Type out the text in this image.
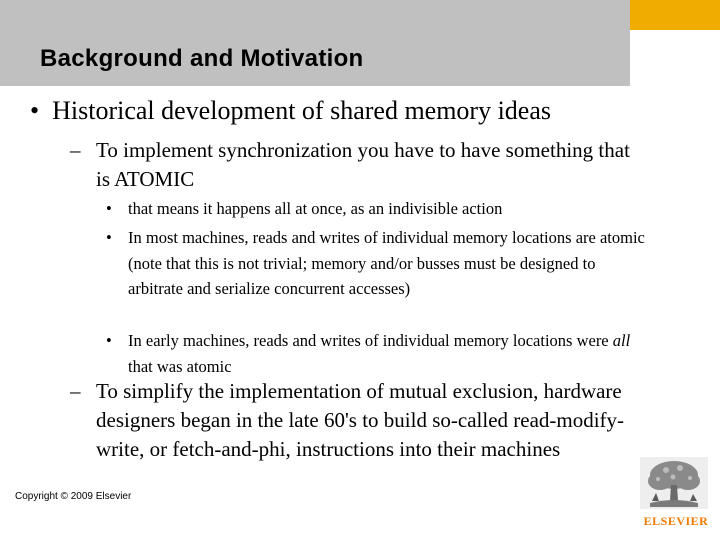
Background and Motivation
• Historical development of shared memory ideas
– To implement synchronization you have to have something that is ATOMIC
• that means it happens all at once, as an indivisible action
• In most machines, reads and writes of individual memory locations are atomic (note that this is not trivial; memory and/or busses must be designed to arbitrate and serialize concurrent accesses)
• In early machines, reads and writes of individual memory locations were all that was atomic
– To simplify the implementation of mutual exclusion, hardware designers began in the late 60's to build so-called read-modify-write, or fetch-and-phi, instructions into their machines
Copyright © 2009 Elsevier
ELSEVIER
